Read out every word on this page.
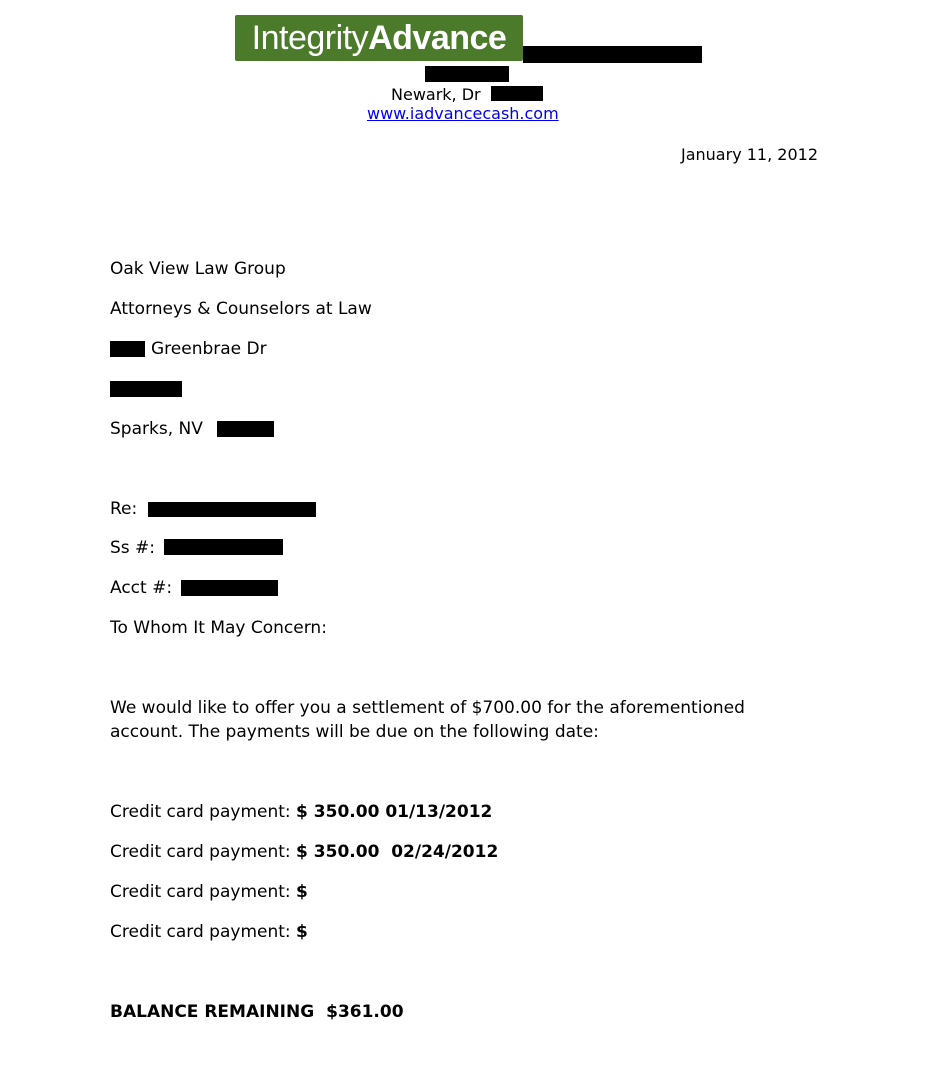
Integrity Advance
Newark, Dr
www.iadvancecash.com
January 11, 2012
Oak View Law Group
Attorneys & Counselors at Law
Greenbrae Dr
Sparks, NV
Re:
Ss #:
Acct #:
To Whom It May Concern:
We would like to offer you a settlement of $700.00 for the aforementioned
account. The payments will be due on the following date:
Credit card payment: $ 350.00 01/13/2012
Credit card payment: $ 350.00  02/24/2012
Credit card payment: $
Credit card payment: $
BALANCE REMAINING $361.00
